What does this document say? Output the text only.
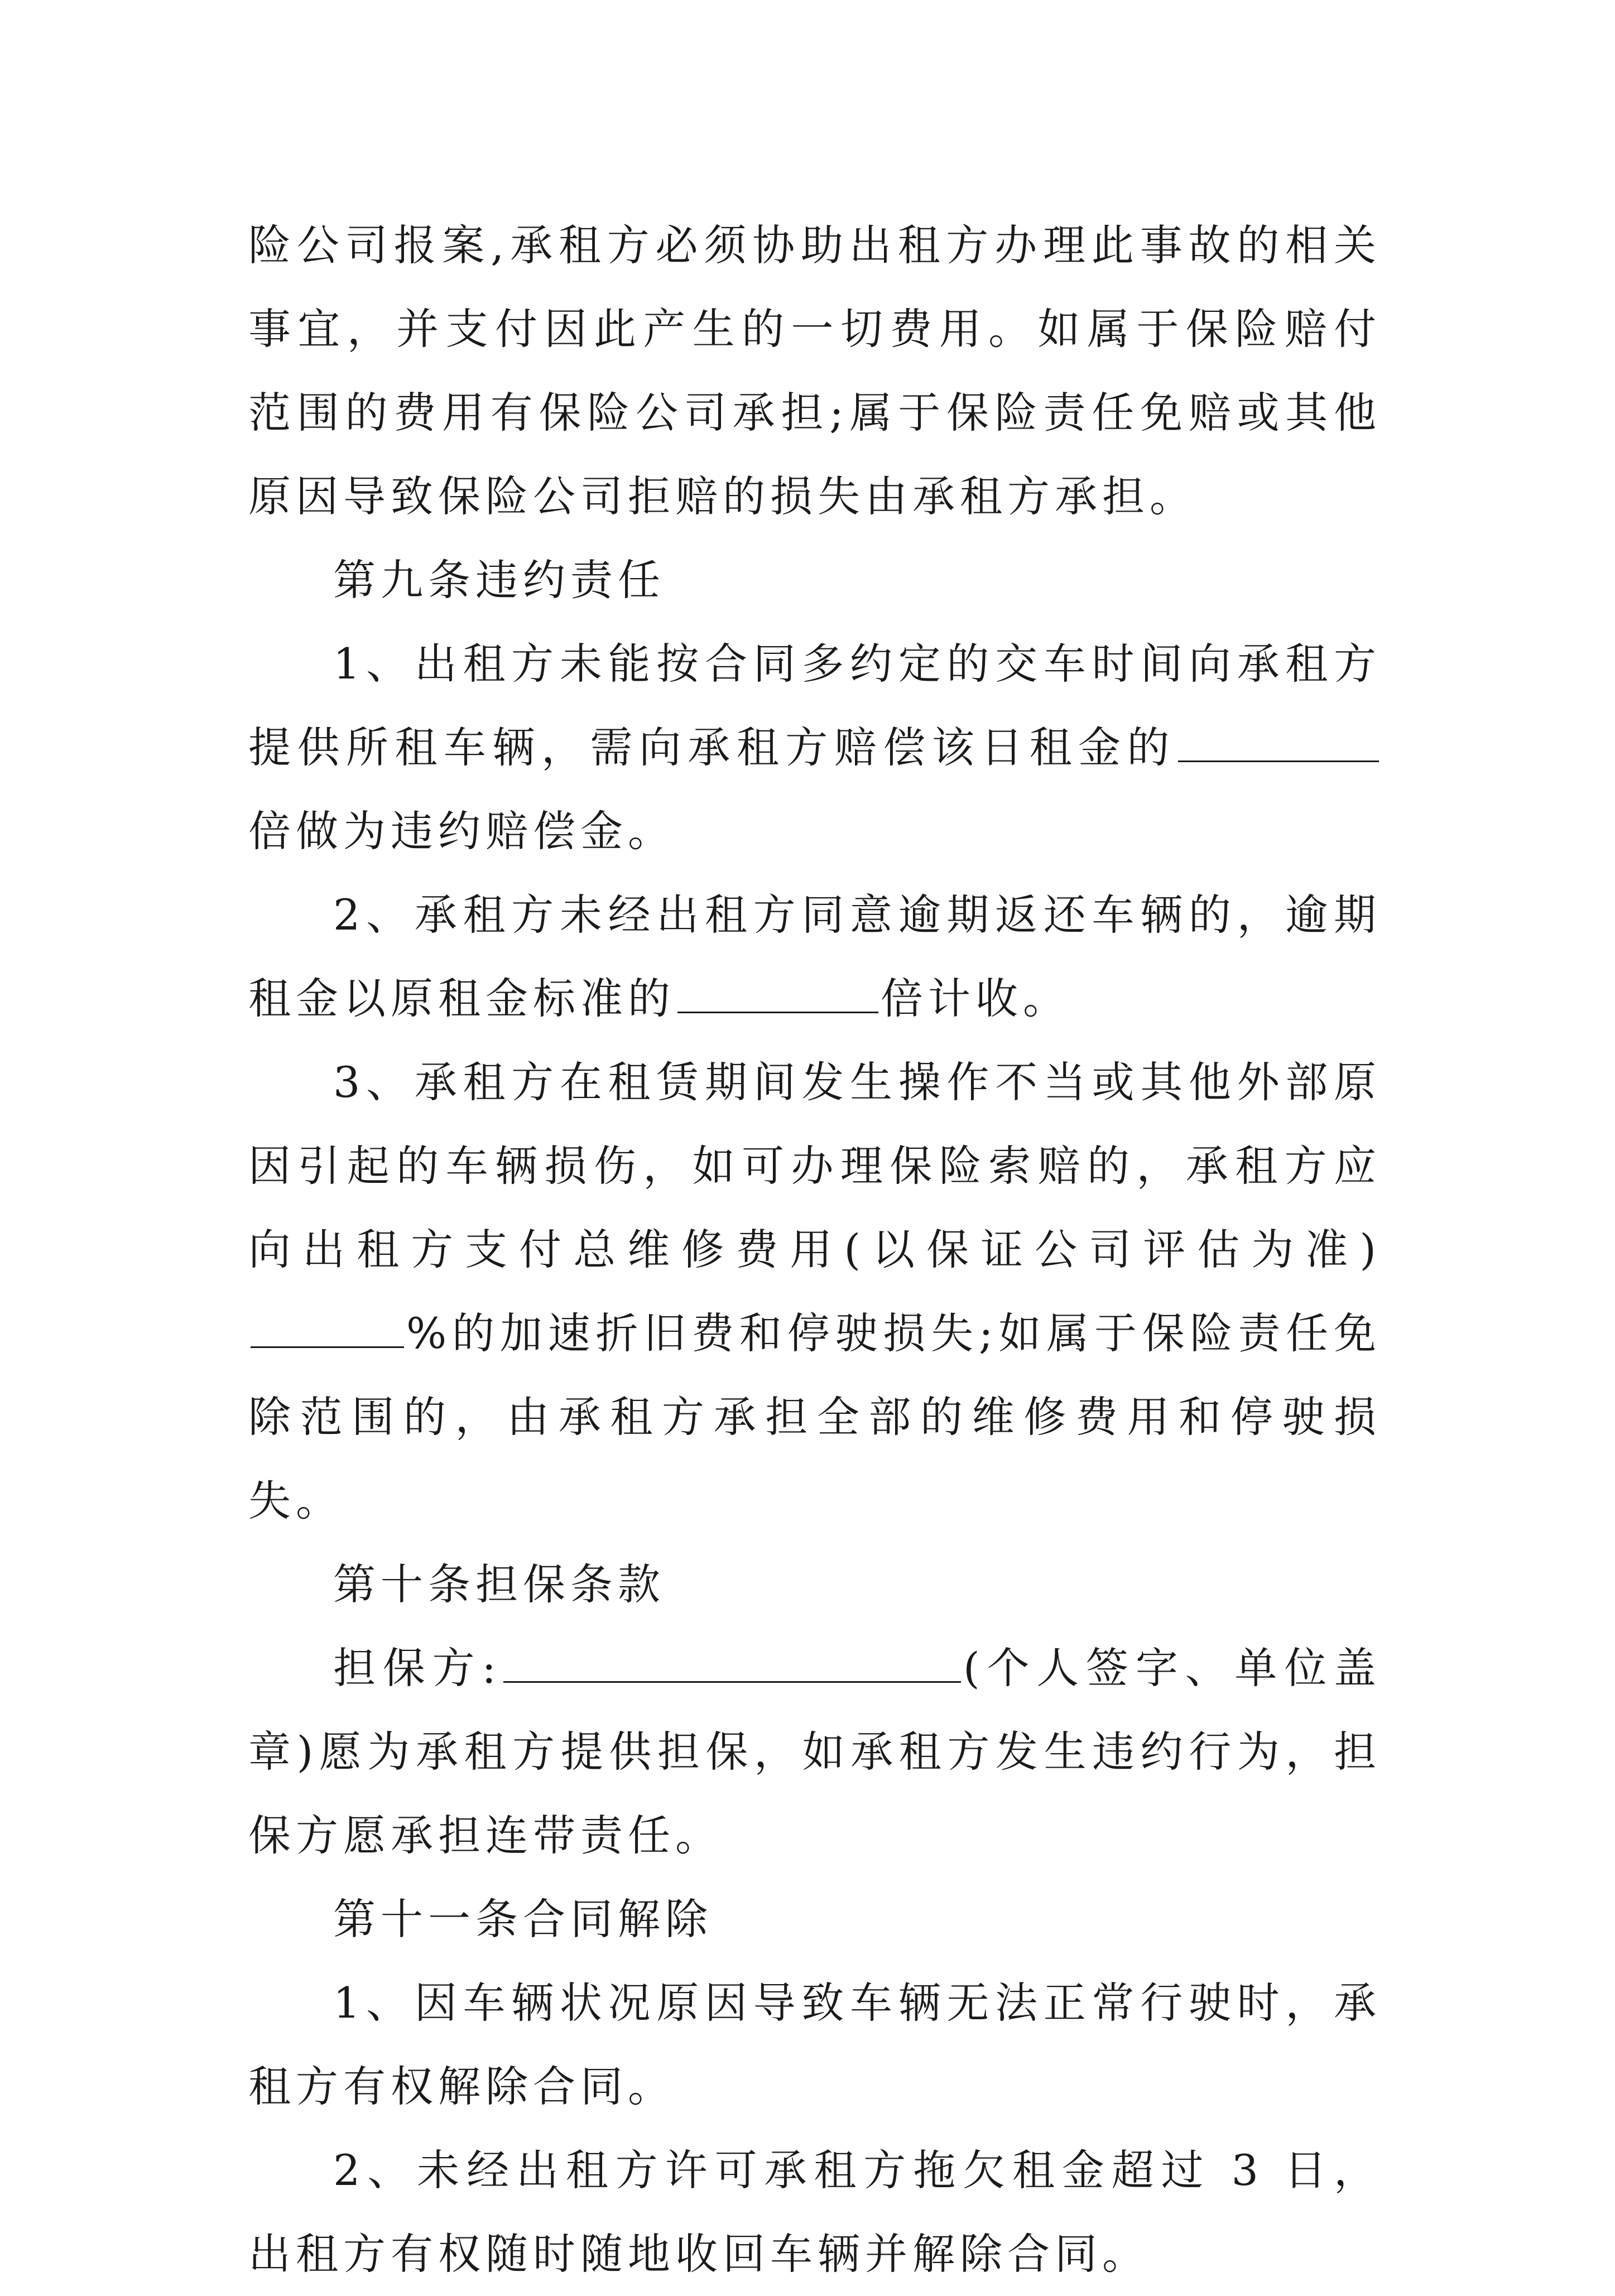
险公司报案,承租方必须协助出租方办理此事故的相关事宜，并支付因此产生的一切费用。如属于保险赔付范围的费用有保险公司承担;属于保险责任免赔或其他原因导致保险公司拒赔的损失由承租方承担。

第九条违约责任

1、出租方未能按合同多约定的交车时间向承租方提供所租车辆，需向承租方赔偿该日租金的倍做为违约赔偿金。

2、承租方未经出租方同意逾期返还车辆的，逾期租金以原租金标准的	倍计收。

3、承租方在租赁期间发生操作不当或其他外部原因引起的车辆损伤，如可办理保险索赔的，承租方应向出租方支付总维修费用(以保证公司评估为准)%的加速折旧费和停驶损失;如属于保险责任免除范围的，由承租方承担全部的维修费用和停驶损失。

第十条担保条款

担保方:	(个人签字、单位盖章)愿为承租方提供担保，如承租方发生违约行为，担保方愿承担连带责任。

第十一条合同解除

1、因车辆状况原因导致车辆无法正常行驶时，承租方有权解除合同。

2、未经出租方许可承租方拖欠租金超过 3 日，出租方有权随时随地收回车辆并解除合同。
